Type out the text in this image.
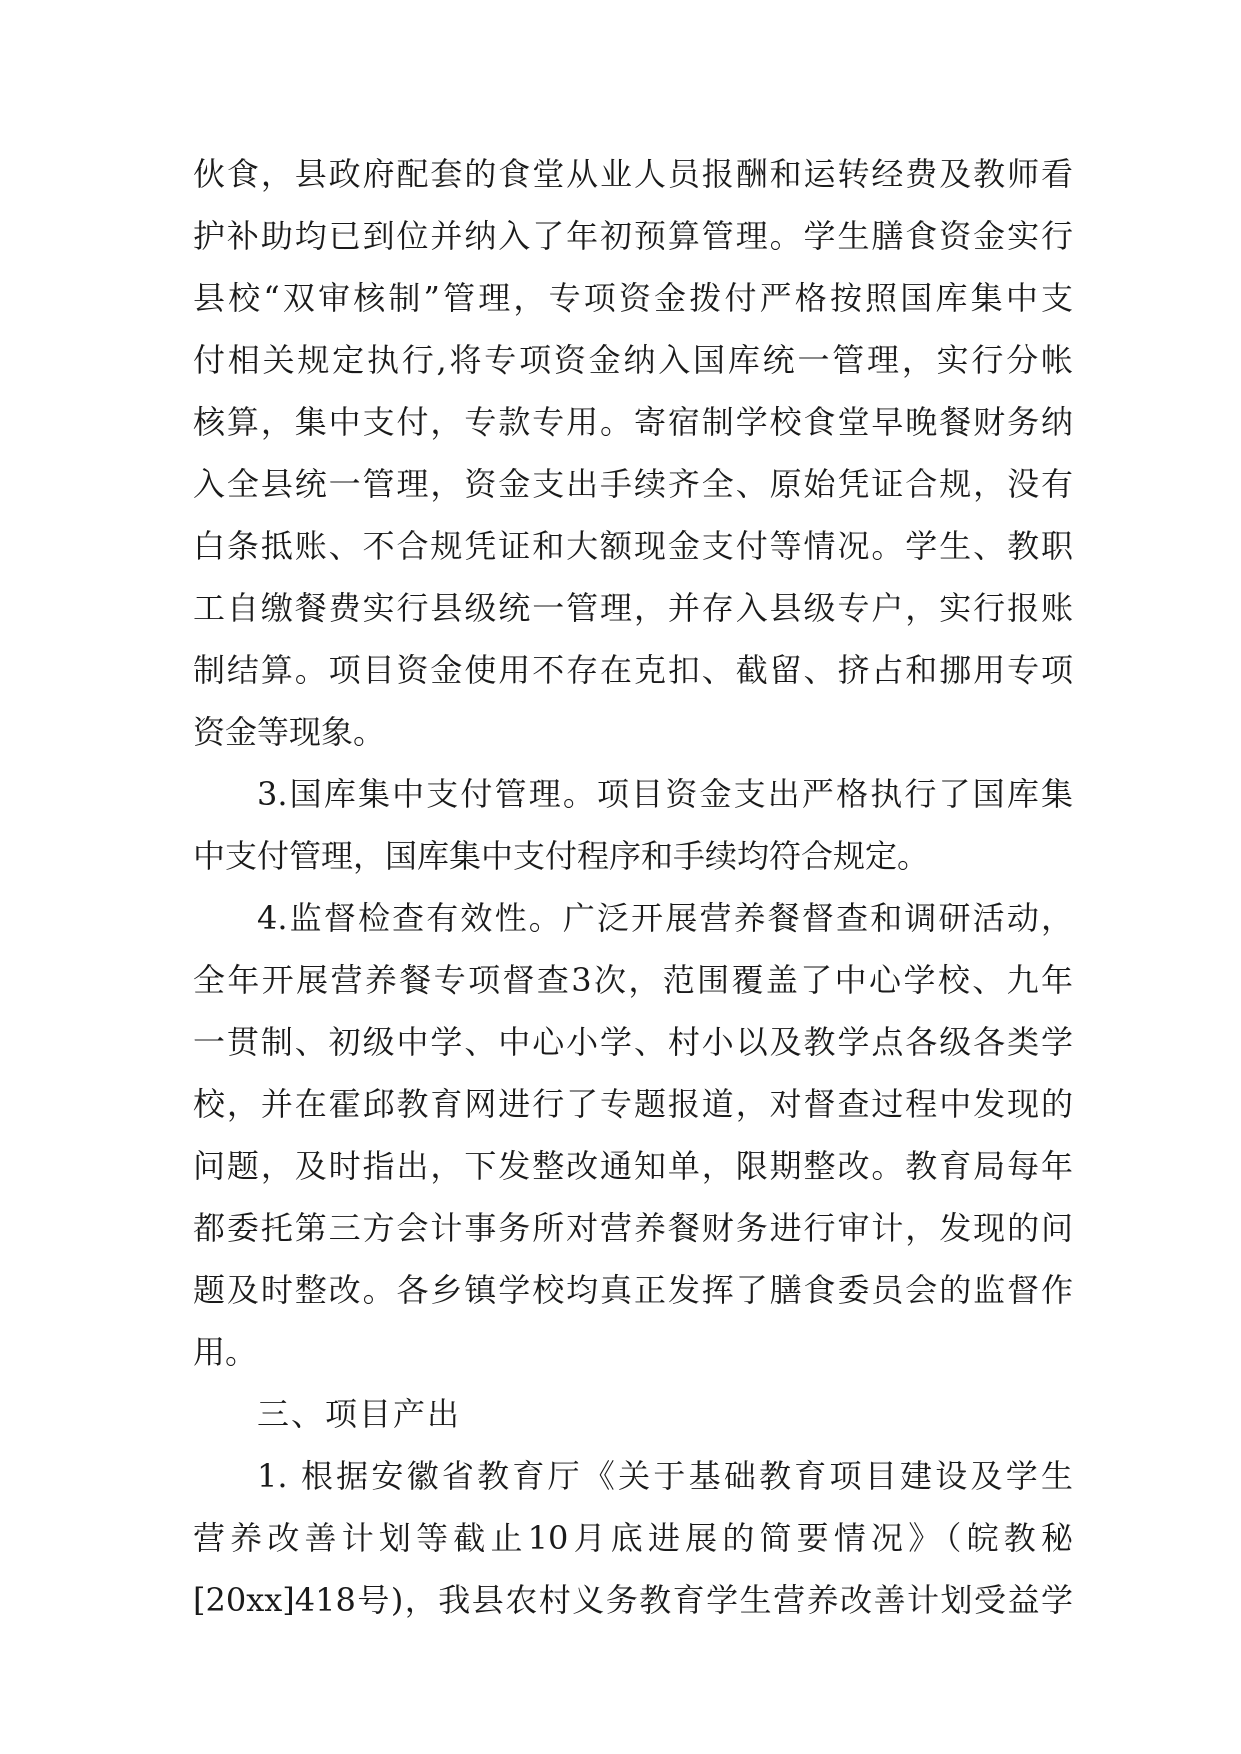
伙食，县政府配套的食堂从业人员报酬和运转经费及教师看
护补助均已到位并纳入了年初预算管理。学生膳食资金实行
县校“双审核制”管理，专项资金拨付严格按照国库集中支
付相关规定执行,将专项资金纳入国库统一管理，实行分帐
核算，集中支付，专款专用。寄宿制学校食堂早晚餐财务纳
入全县统一管理，资金支出手续齐全、原始凭证合规，没有
白条抵账、不合规凭证和大额现金支付等情况。学生、教职
工自缴餐费实行县级统一管理，并存入县级专户，实行报账
制结算。项目资金使用不存在克扣、截留、挤占和挪用专项
资金等现象。
3.国库集中支付管理。项目资金支出严格执行了国库集
中支付管理，国库集中支付程序和手续均符合规定。
4.监督检查有效性。广泛开展营养餐督查和调研活动，
全年开展营养餐专项督查3次，范围覆盖了中心学校、九年
一贯制、初级中学、中心小学、村小以及教学点各级各类学
校，并在霍邱教育网进行了专题报道，对督查过程中发现的
问题，及时指出，下发整改通知单，限期整改。教育局每年
都委托第三方会计事务所对营养餐财务进行审计，发现的问
题及时整改。各乡镇学校均真正发挥了膳食委员会的监督作
用。
三、项目产出
1. 根据安徽省教育厅《关于基础教育项目建设及学生
营养改善计划等截止10月底进展的简要情况》（皖教秘
[20xx]418号)，我县农村义务教育学生营养改善计划受益学
